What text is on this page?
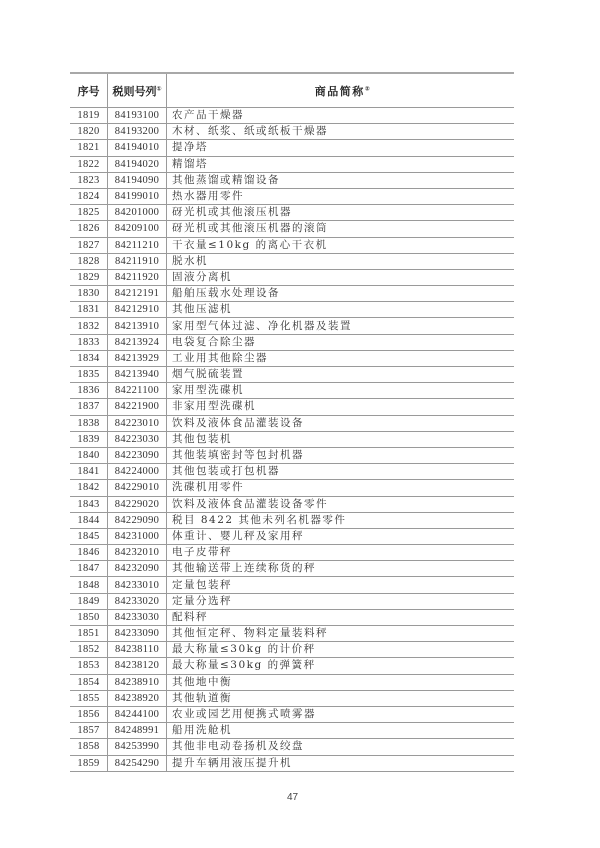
序号	税则号列①	商品简称②
1819	84193100	农产品干燥器
1820	84193200	木材、纸浆、纸或纸板干燥器
1821	84194010	提净塔
1822	84194020	精馏塔
1823	84194090	其他蒸馏或精馏设备
1824	84199010	热水器用零件
1825	84201000	砑光机或其他滚压机器
1826	84209100	砑光机或其他滚压机器的滚筒
1827	84211210	干衣量≤10kg 的离心干衣机
1828	84211910	脱水机
1829	84211920	固液分离机
1830	84212191	船舶压载水处理设备
1831	84212910	其他压滤机
1832	84213910	家用型气体过滤、净化机器及装置
1833	84213924	电袋复合除尘器
1834	84213929	工业用其他除尘器
1835	84213940	烟气脱硫装置
1836	84221100	家用型洗碟机
1837	84221900	非家用型洗碟机
1838	84223010	饮料及液体食品灌装设备
1839	84223030	其他包装机
1840	84223090	其他装填密封等包封机器
1841	84224000	其他包装或打包机器
1842	84229010	洗碟机用零件
1843	84229020	饮料及液体食品灌装设备零件
1844	84229090	税目 8422 其他未列名机器零件
1845	84231000	体重计、婴儿秤及家用秤
1846	84232010	电子皮带秤
1847	84232090	其他输送带上连续称货的秤
1848	84233010	定量包装秤
1849	84233020	定量分选秤
1850	84233030	配料秤
1851	84233090	其他恒定秤、物料定量装料秤
1852	84238110	最大称量≤30kg 的计价秤
1853	84238120	最大称量≤30kg 的弹簧秤
1854	84238910	其他地中衡
1855	84238920	其他轨道衡
1856	84244100	农业或园艺用便携式喷雾器
1857	84248991	船用洗舱机
1858	84253990	其他非电动卷扬机及绞盘
1859	84254290	提升车辆用液压提升机
47
